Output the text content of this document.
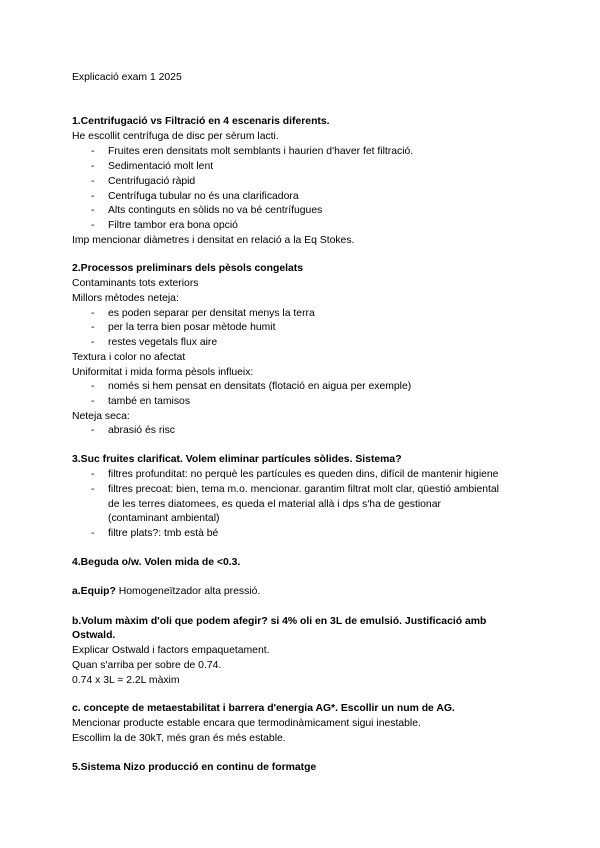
Explicació exam 1 2025
1.Centrifugació vs Filtració en 4 escenaris diferents.
He escollit centrífuga de disc per sèrum lacti.
- Fruites eren densitats molt semblants i haurien d'haver fet filtració.
- Sedimentació molt lent
- Centrifugació ràpid
- Centrífuga tubular no és una clarificadora
- Alts continguts en sòlids no va bé centrífugues
- Filtre tambor era bona opció
Imp mencionar diàmetres i densitat en relació a la Eq Stokes.
2.Processos preliminars dels pèsols congelats
Contaminants tots exteriors
Millors mètodes neteja:
- es poden separar per densitat menys la terra
- per la terra bien posar mètode humit
- restes vegetals flux aire
Textura i color no afectat
Uniformitat i mida forma pèsols influeix:
- només si hem pensat en densitats (flotació en aigua per exemple)
- també en tamisos
Neteja seca:
- abrasió és risc
3.Suc fruites clarificat. Volem eliminar partícules sòlides. Sistema?
- filtres profunditat: no perquè les partícules es queden dins, difícil de mantenir higiene
- filtres precoat: bien, tema m.o. mencionar. garantim filtrat molt clar, qüestió ambiental
de les terres diatomees, es queda el material allà i dps s'ha de gestionar
(contaminant ambiental)
- filtre plats?: tmb està bé
4.Beguda o/w. Volen mida de <0.3.
a.Equip? Homogeneïtzador alta pressió.
b.Volum màxim d'oli que podem afegir? si 4% oli en 3L de emulsió. Justificació amb
Ostwald.
Explicar Ostwald i factors empaquetament.
Quan s'arriba per sobre de 0.74.
0.74 x 3L = 2.2L màxim
c. concepte de metaestabilitat i barrera d'energia AG*. Escollir un num de AG.
Mencionar producte estable encara que termodinàmicament sigui inestable.
Escollim la de 30kT, més gran és més estable.
5.Sistema Nizo producció en continu de formatge
